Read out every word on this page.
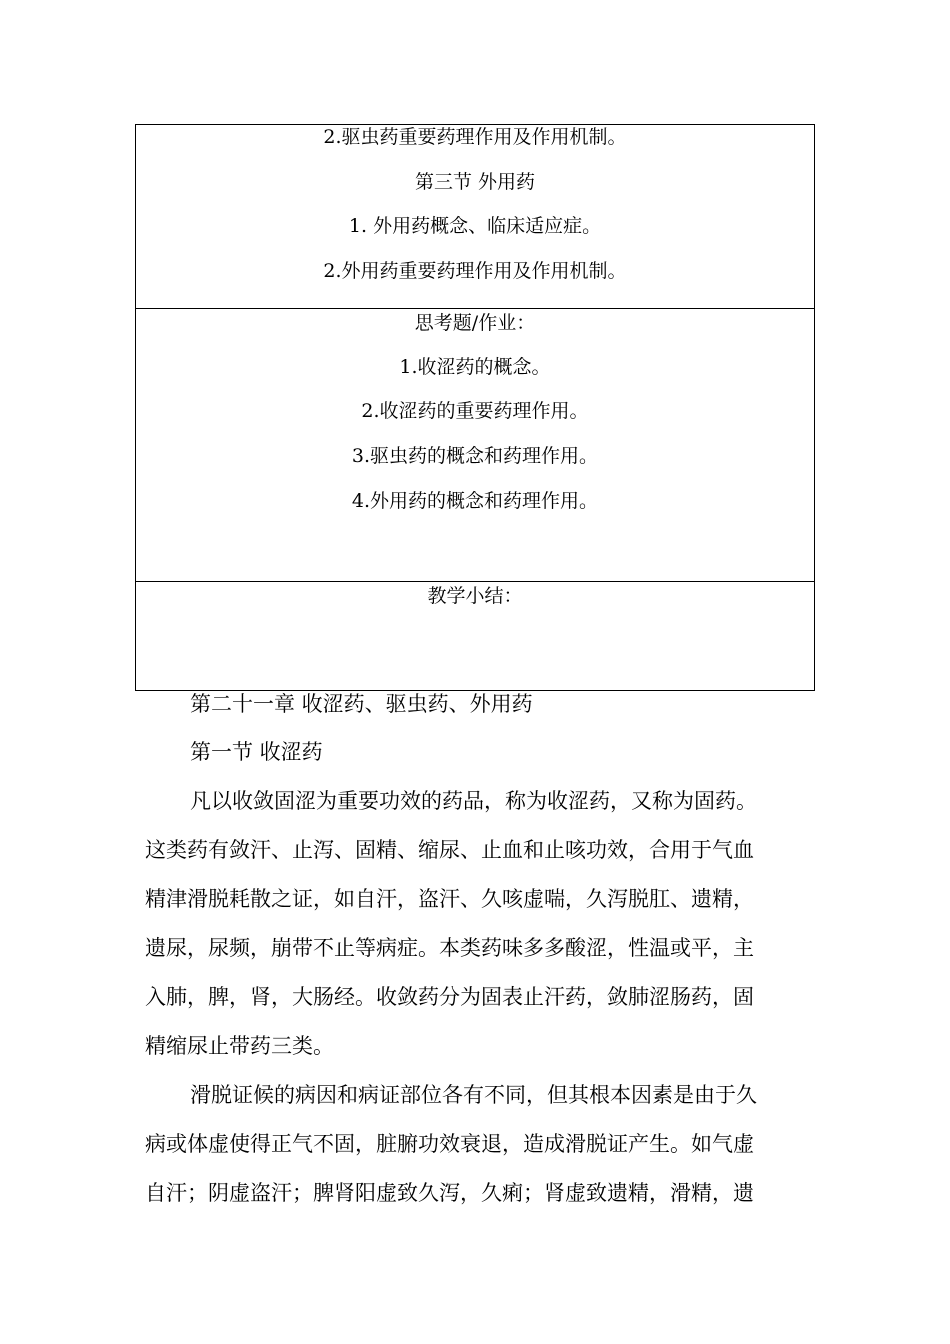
2.驱虫药重要药理作用及作用机制。
第三节 外用药
1. 外用药概念、临床适应症。
2.外用药重要药理作用及作用机制。
思考题/作业：
1.收涩药的概念。
2.收涩药的重要药理作用。
3.驱虫药的概念和药理作用。
4.外用药的概念和药理作用。
教学小结：
第二十一章 收涩药、驱虫药、外用药
第一节 收涩药
凡以收敛固涩为重要功效的药品，称为收涩药，又称为固药。
这类药有敛汗、止泻、固精、缩尿、止血和止咳功效，合用于气血
精津滑脱耗散之证，如自汗，盗汗、久咳虚喘，久泻脱肛、遗精，
遗尿，尿频，崩带不止等病症。本类药味多多酸涩，性温或平，主
入肺，脾，肾，大肠经。收敛药分为固表止汗药，敛肺涩肠药，固
精缩尿止带药三类。
滑脱证候的病因和病证部位各有不同，但其根本因素是由于久
病或体虚使得正气不固，脏腑功效衰退，造成滑脱证产生。如气虚
自汗；阴虚盗汗；脾肾阳虚致久泻，久痢；肾虚致遗精，滑精，遗
